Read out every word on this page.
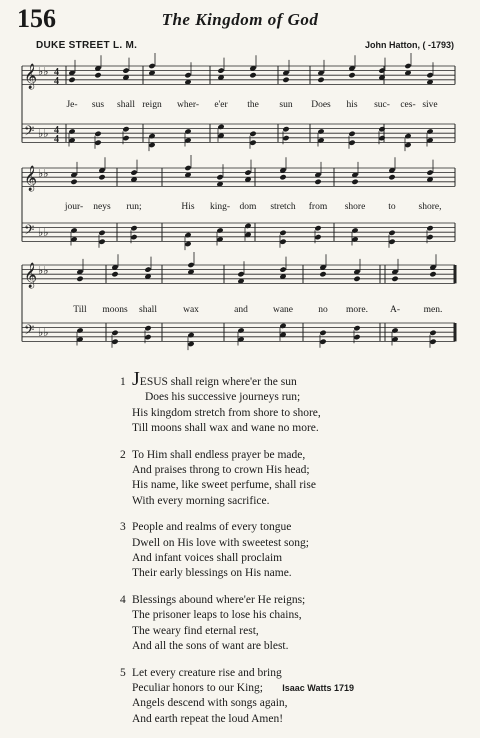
156	The Kingdom of God
DUKE STREET L. M.	John Hatton, ( -1793)
𝄞 ♭♭ 4
4
𝄢 ♭♭ 4
4
Je- sus shall reign wher- e'er the sun Does his suc- ces- sive
𝄞 ♭♭
𝄢 ♭♭
jour- neys run;	His king- dom stretch from shore to shore,
𝄞 ♭♭
𝄢 ♭♭
Till moons shall	wax	and	wane	no more. A- men.
1 JESUS shall reign where'er the sun
Does his successive journeys run;
His kingdom stretch from shore to shore,
Till moons shall wax and wane no more.
2 To Him shall endless prayer be made,
And praises throng to crown His head;
His name, like sweet perfume, shall rise
With every morning sacrifice.
3 People and realms of every tongue
Dwell on His love with sweetest song;
And infant voices shall proclaim
Their early blessings on His name.
4 Blessings abound where'er He reigns;
The prisoner leaps to lose his chains,
The weary find eternal rest,
And all the sons of want are blest.
5 Let every creature rise and bring
Peculiar honors to our King;
Angels descend with songs again,
And earth repeat the loud Amen!
Isaac Watts 1719
